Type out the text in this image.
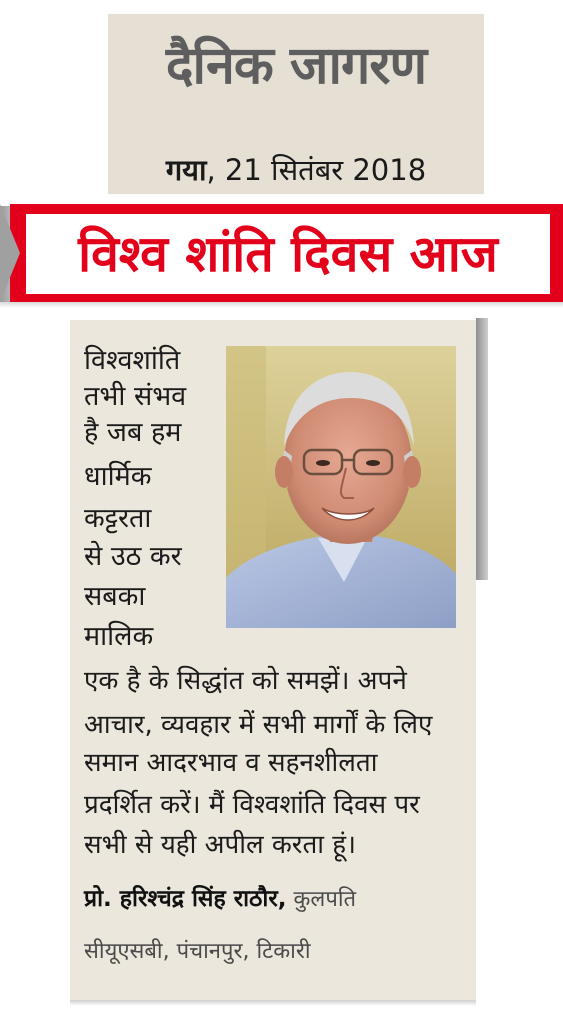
दैनिक जागरण
गया, 21 सितंबर 2018
विश्व शांति दिवस आज
विश्वशांति
तभी संभव
है जब हम
धार्मिक
कट्टरता
से उठ कर
सबका
मालिक
एक है के सिद्धांत को समझें। अपने
आचार, व्यवहार में सभी मार्गों के लिए
समान आदरभाव व सहनशीलता
प्रदर्शित करें। मैं विश्वशांति दिवस पर
सभी से यही अपील करता हूं।
प्रो. हरिश्चंद्र सिंह राठौर, कुलपति
सीयूएसबी, पंचानपुर, टिकारी
